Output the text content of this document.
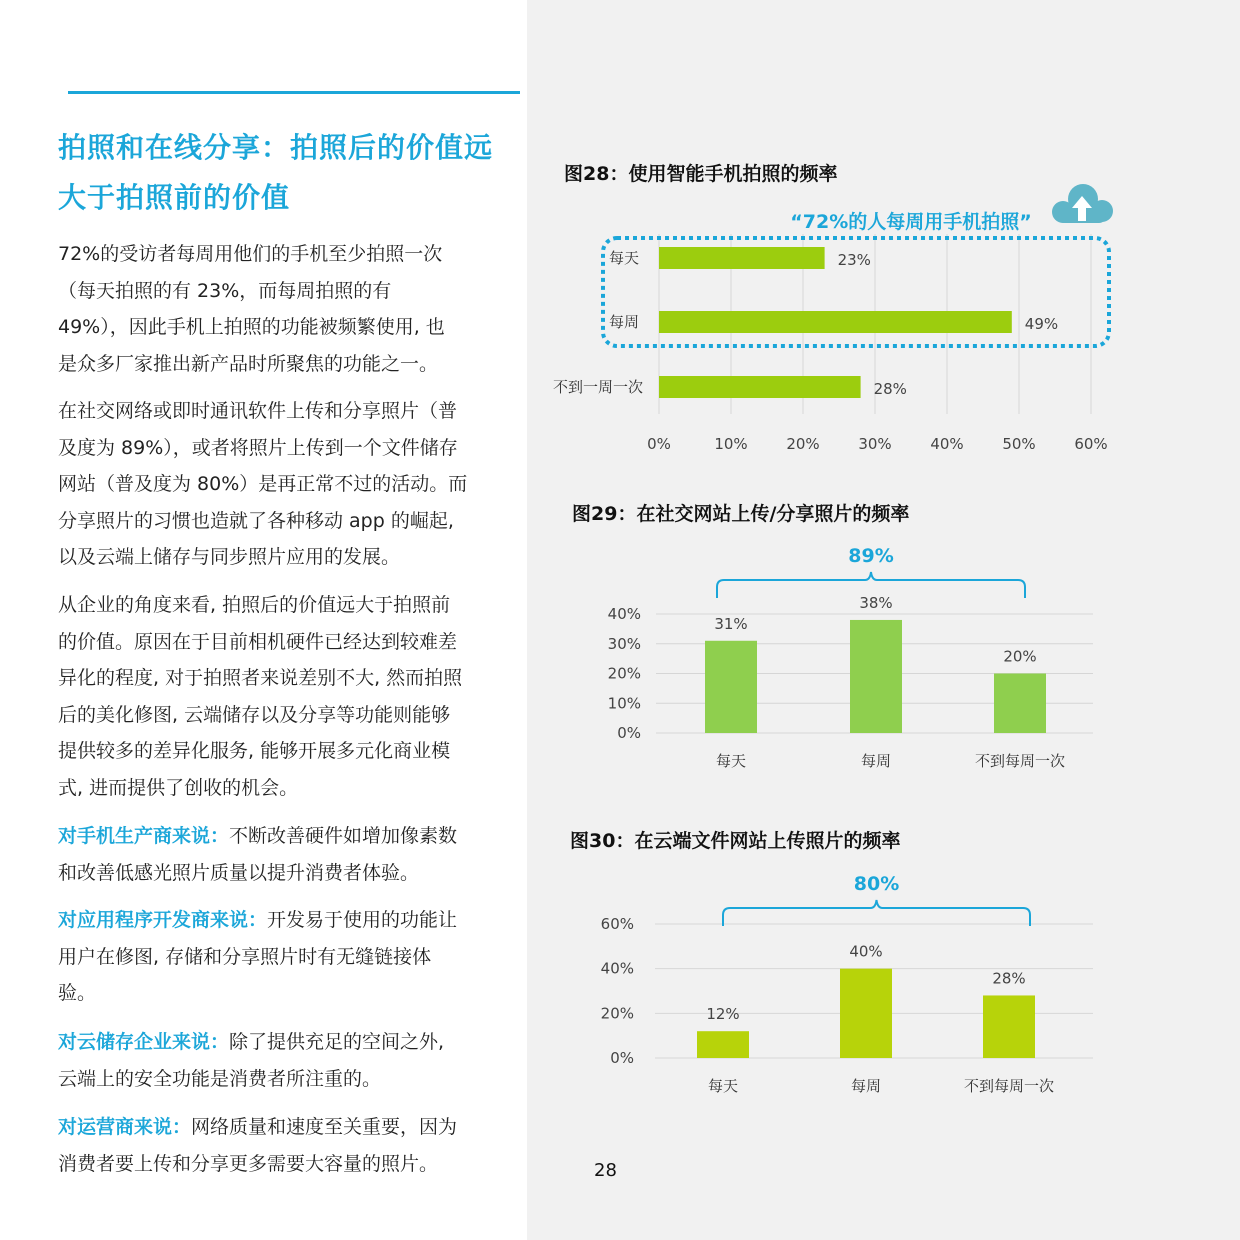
拍照和在线分享：拍照后的价值远
大于拍照前的价值
72%的受访者每周用他们的手机至少拍照一次
（每天拍照的有 23%，而每周拍照的有
49%），因此手机上拍照的功能被频繁使用, 也
是众多厂家推出新产品时所聚焦的功能之一。
在社交网络或即时通讯软件上传和分享照片（普
及度为 89%），或者将照片上传到一个文件储存
网站（普及度为 80%）是再正常不过的活动。而
分享照片的习惯也造就了各种移动 app 的崛起,
以及云端上储存与同步照片应用的发展。
从企业的角度来看, 拍照后的价值远大于拍照前
的价值。原因在于目前相机硬件已经达到较难差
异化的程度, 对于拍照者来说差别不大, 然而拍照
后的美化修图, 云端储存以及分享等功能则能够
提供较多的差异化服务, 能够开展多元化商业模
式, 进而提供了创收的机会。
对手机生产商来说：不断改善硬件如增加像素数
和改善低感光照片质量以提升消费者体验。
对应用程序开发商来说：开发易于使用的功能让
用户在修图, 存储和分享照片时有无缝链接体
验。
对云储存企业来说：除了提供充足的空间之外,
云端上的安全功能是消费者所注重的。
对运营商来说：网络质量和速度至关重要，因为
消费者要上传和分享更多需要大容量的照片。
图28：使用智能手机拍照的频率
图29：在社交网站上传/分享照片的频率
图30：在云端文件网站上传照片的频率
0%	10%	20%	30%	40%	50%	60%
23%
每天
49%
每周
28%
不到一周一次
“72%的人每周用手机拍照”
0%
10%
20%
30%
40%
31%
每天
38%
每周
20%
不到每周一次
89%
0%
20%
40%
60%
12%
每天
40%
每周
28%
不到每周一次
80%
28
